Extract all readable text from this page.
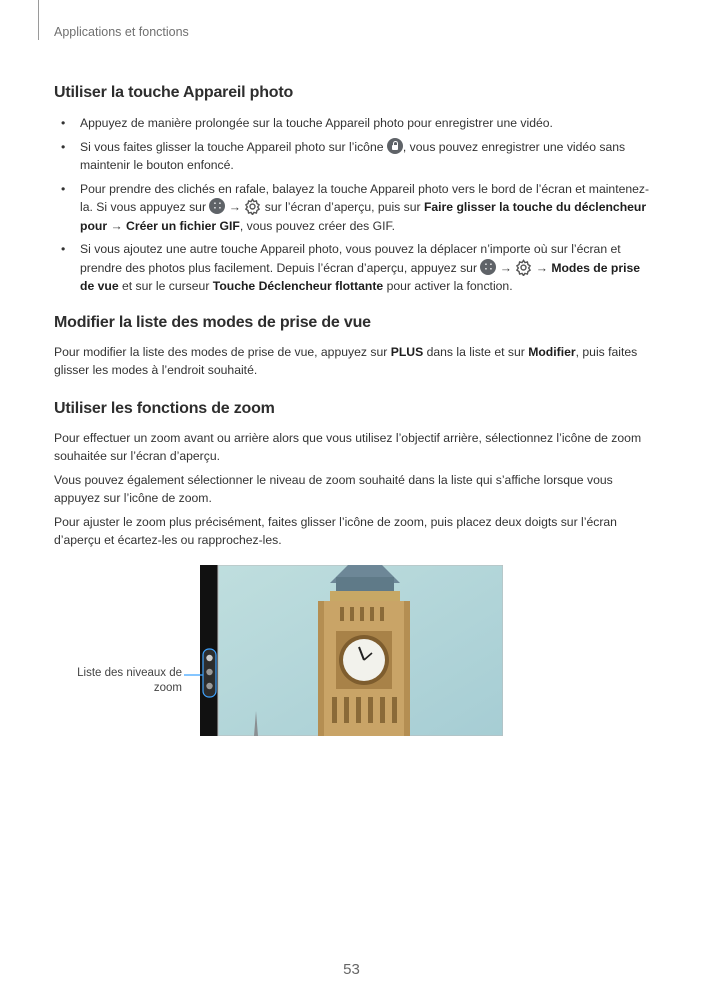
Applications et fonctions
Utiliser la touche Appareil photo
• Appuyez de manière prolongée sur la touche Appareil photo pour enregistrer une vidéo.
• Si vous faites glisser la touche Appareil photo sur l’icône , vous pouvez enregistrer une vidéo sans maintenir le bouton enfoncé.
• Pour prendre des clichés en rafale, balayez la touche Appareil photo vers le bord de l’écran et maintenez-la. Si vous appuyez sur ∷ →  sur l’écran d’aperçu, puis sur Faire glisser la touche du déclencheur pour → Créer un fichier GIF, vous pouvez créer des GIF.
• Si vous ajoutez une autre touche Appareil photo, vous pouvez la déplacer n’importe où sur l’écran et prendre des photos plus facilement. Depuis l’écran d’aperçu, appuyez sur ∷ → → Modes de prise de vue et sur le curseur Touche Déclencheur flottante pour activer la fonction.
Modifier la liste des modes de prise de vue

Pour modifier la liste des modes de prise de vue, appuyez sur PLUS dans la liste et sur Modifier, puis faites glisser les modes à l’endroit souhaité.

Utiliser les fonctions de zoom

Pour effectuer un zoom avant ou arrière alors que vous utilisez l’objectif arrière, sélectionnez l’icône de zoom souhaitée sur l’écran d’aperçu.

Vous pouvez également sélectionner le niveau de zoom souhaité dans la liste qui s’affiche lorsque vous appuyez sur l’icône de zoom.

Pour ajuster le zoom plus précisément, faites glisser l’icône de zoom, puis placez deux doigts sur l’écran d’aperçu et écartez-les ou rapprochez-les.

Liste des niveaux de zoom
53
